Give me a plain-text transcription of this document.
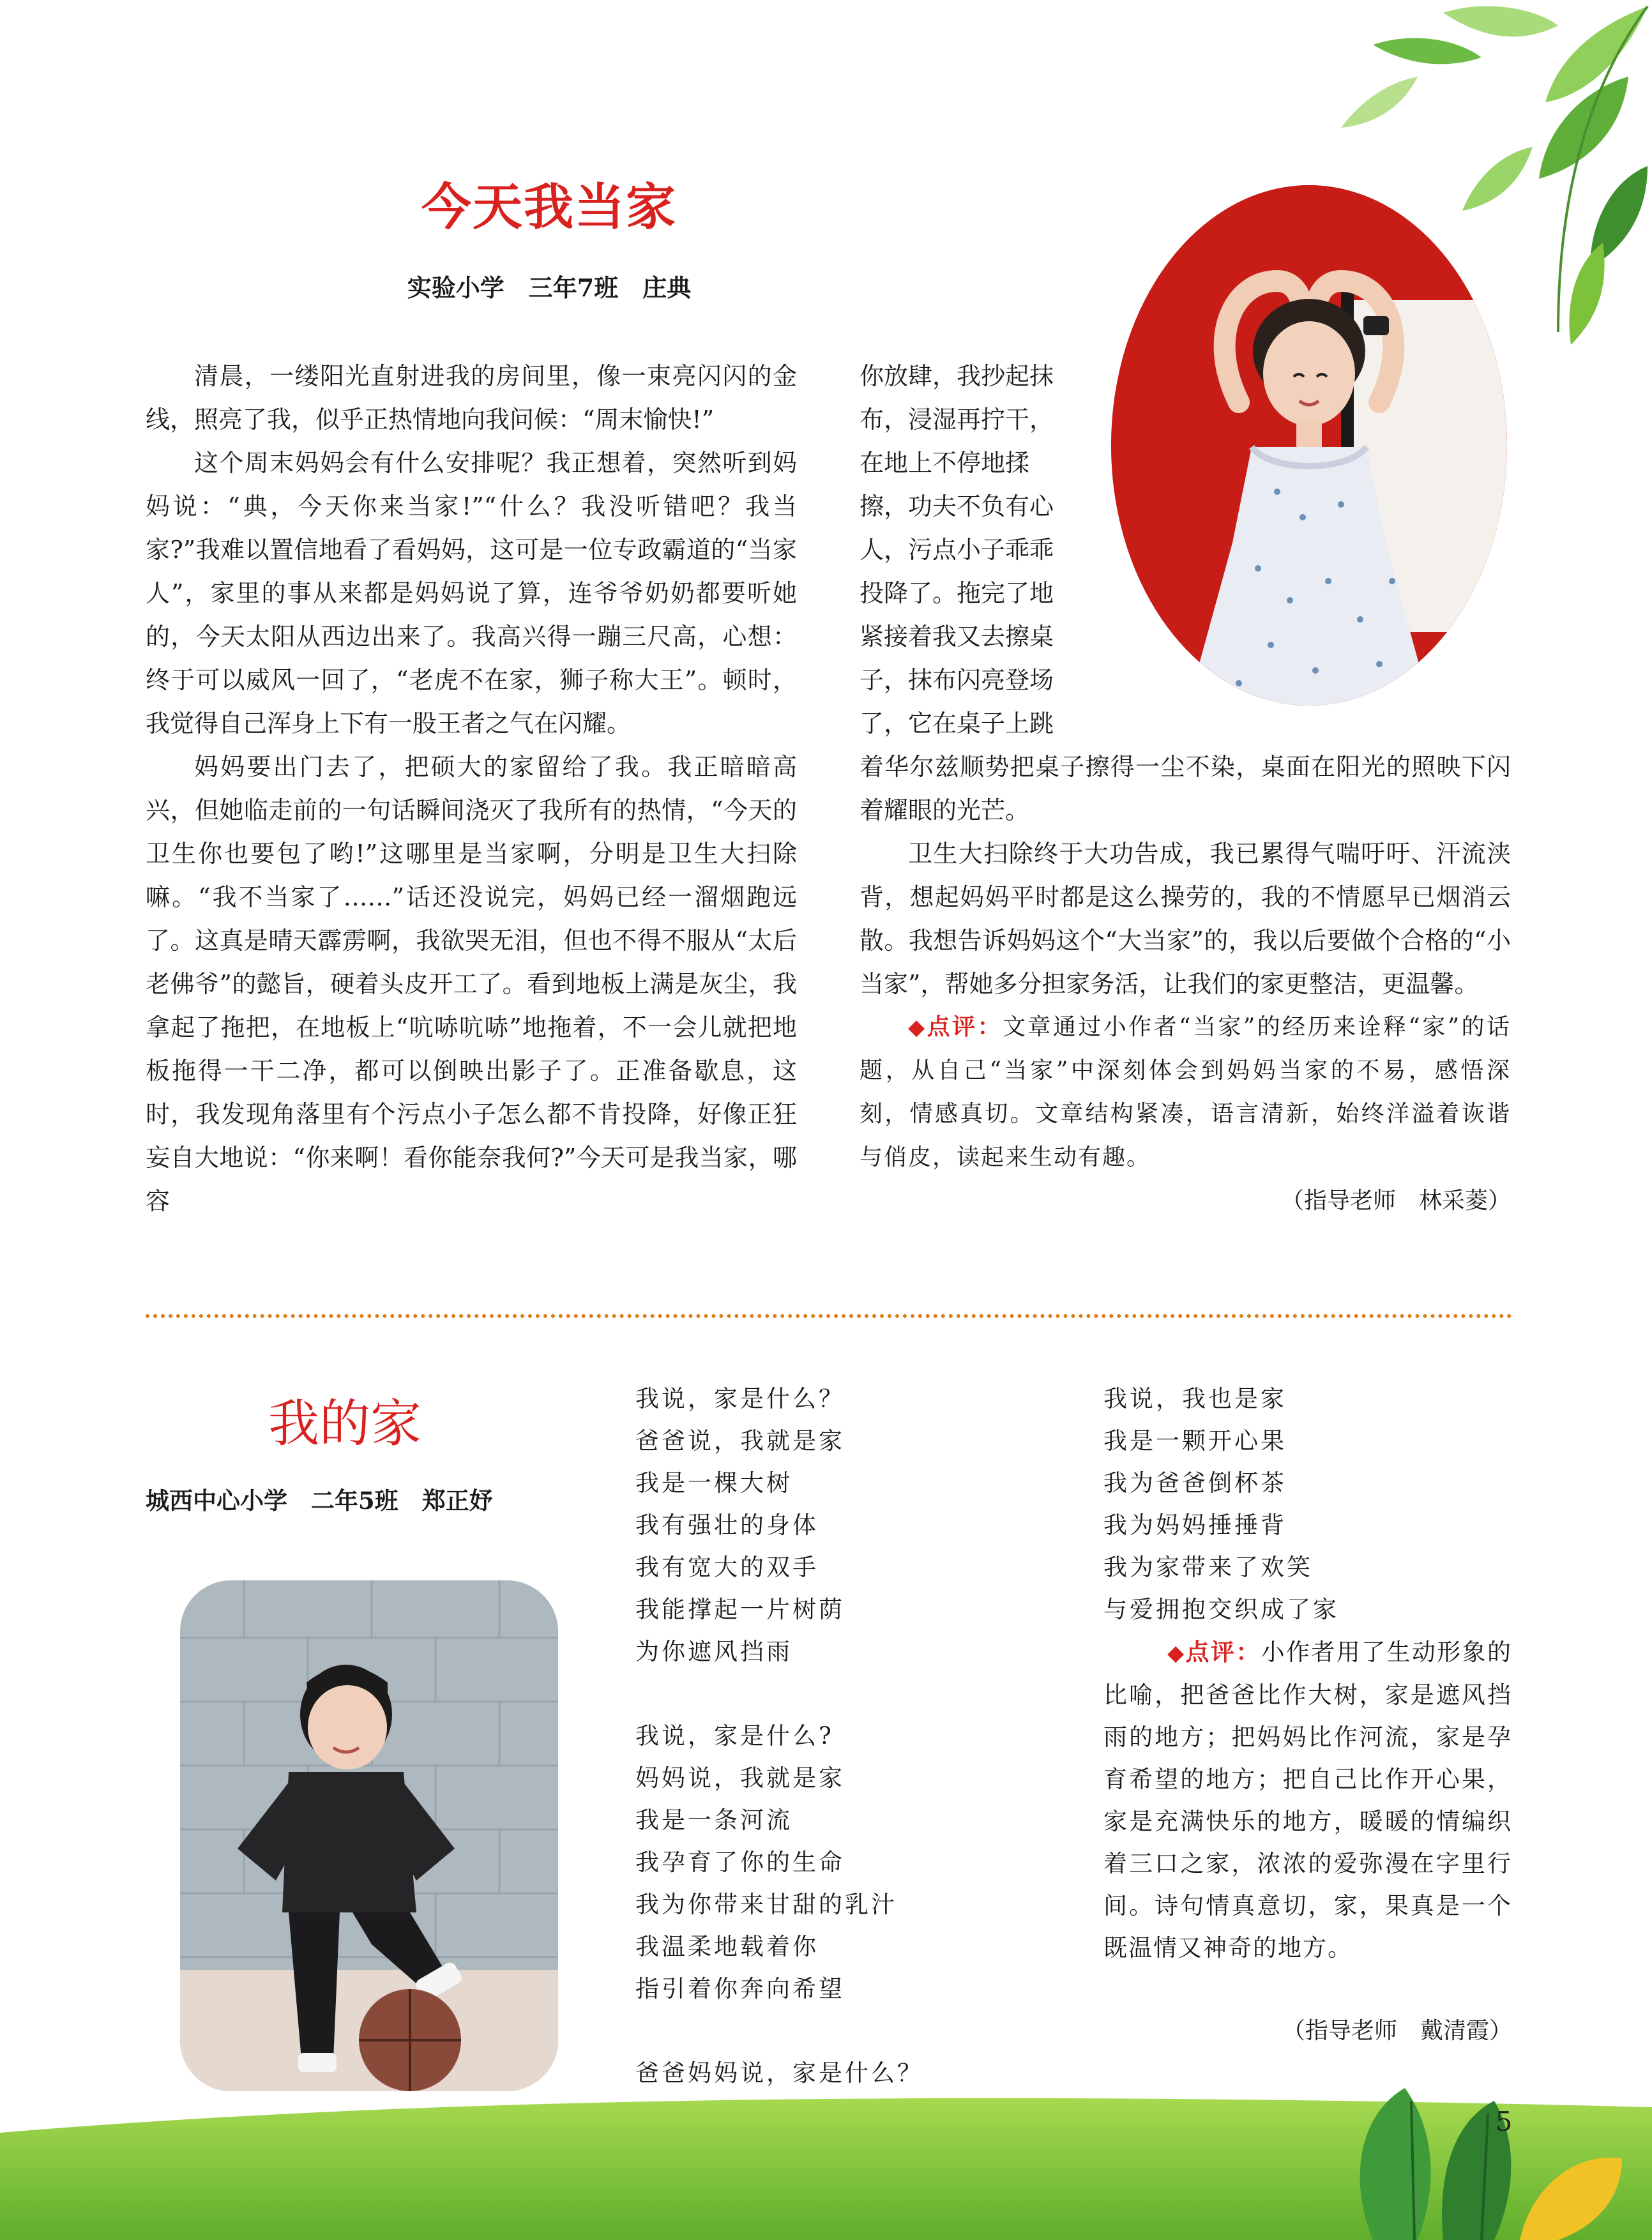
今天我当家
实验小学　三年7班　庄典

清晨，一缕阳光直射进我的房间里，像一束亮闪闪的金线，照亮了我，似乎正热情地向我问候：“周末愉快!”

这个周末妈妈会有什么安排呢？我正想着，突然听到妈妈说：“典，今天你来当家!”“什么？我没听错吧？我当家?”我难以置信地看了看妈妈，这可是一位专政霸道的“当家人”，家里的事从来都是妈妈说了算，连爷爷奶奶都要听她的，今天太阳从西边出来了。我高兴得一蹦三尺高，心想：终于可以威风一回了，“老虎不在家，狮子称大王”。顿时，我觉得自己浑身上下有一股王者之气在闪耀。

妈妈要出门去了，把硕大的家留给了我。我正暗暗高兴，但她临走前的一句话瞬间浇灭了我所有的热情，“今天的卫生你也要包了哟!”这哪里是当家啊，分明是卫生大扫除嘛。“我不当家了……”话还没说完，妈妈已经一溜烟跑远了。这真是晴天霹雳啊，我欲哭无泪，但也不得不服从“太后老佛爷”的懿旨，硬着头皮开工了。看到地板上满是灰尘，我拿起了拖把，在地板上“吭哧吭哧”地拖着，不一会儿就把地板拖得一干二净，都可以倒映出影子了。正准备歇息，这时，我发现角落里有个污点小子怎么都不肯投降，好像正狂妄自大地说：“你来啊！看你能奈我何?”今天可是我当家，哪容

你放肆，我抄起抹
布，浸湿再拧干，
在地上不停地揉
擦，功夫不负有心
人，污点小子乖乖
投降了。拖完了地
紧接着我又去擦桌
子，抹布闪亮登场
了，它在桌子上跳

着华尔兹顺势把桌子擦得一尘不染，桌面在阳光的照映下闪着耀眼的光芒。

卫生大扫除终于大功告成，我已累得气喘吁吁、汗流浃背，想起妈妈平时都是这么操劳的，我的不情愿早已烟消云散。我想告诉妈妈这个“大当家”的，我以后要做个合格的“小当家”，帮她多分担家务活，让我们的家更整洁，更温馨。

◆点评：文章通过小作者“当家”的经历来诠释“家”的话题，从自己“当家”中深刻体会到妈妈当家的不易，感悟深刻，情感真切。文章结构紧凑，语言清新，始终洋溢着诙谐与俏皮，读起来生动有趣。

（指导老师　林采菱）
我的家
城西中心小学　二年5班　郑正妤
我说，家是什么？
爸爸说，我就是家
我是一棵大树
我有强壮的身体
我有宽大的双手
我能撑起一片树荫
为你遮风挡雨
我说，家是什么?
妈妈说，我就是家
我是一条河流
我孕育了你的生命
我为你带来甘甜的乳汁
我温柔地载着你
指引着你奔向希望
爸爸妈妈说，家是什么？
我说，我也是家
我是一颗开心果
我为爸爸倒杯茶
我为妈妈捶捶背
我为家带来了欢笑
与爱拥抱交织成了家
◆点评：小作者用了生动形象的比喻，把爸爸比作大树，家是遮风挡雨的地方；把妈妈比作河流，家是孕育希望的地方；把自己比作开心果，家是充满快乐的地方，暖暖的情编织着三口之家，浓浓的爱弥漫在字里行间。诗句情真意切，家，果真是一个既温情又神奇的地方。
（指导老师　戴清霞）
5
